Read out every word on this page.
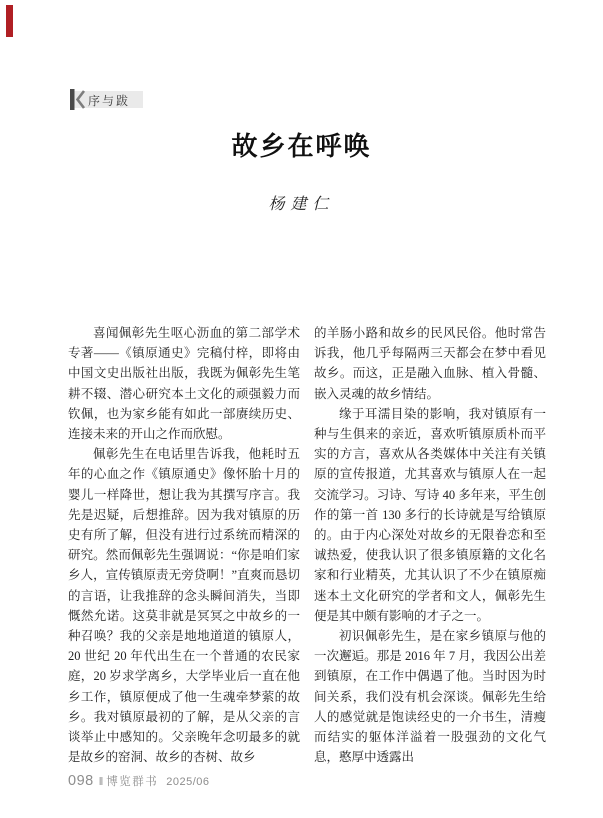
序与跋
故乡在呼唤
杨建仁

喜闻佩彰先生呕心沥血的第二部学术专著——《镇原通史》完稿付梓，即将由中国文史出版社出版，我既为佩彰先生笔耕不辍、潜心研究本土文化的顽强毅力而钦佩，也为家乡能有如此一部赓续历史、连接未来的开山之作而欣慰。

佩彰先生在电话里告诉我，他耗时五年的心血之作《镇原通史》像怀胎十月的婴儿一样降世，想让我为其撰写序言。我先是迟疑，后想推辞。因为我对镇原的历史有所了解，但没有进行过系统而精深的研究。然而佩彰先生强调说：“你是咱们家乡人，宣传镇原责无旁贷啊！”直爽而恳切的言语，让我推辞的念头瞬间消失，当即慨然允诺。这莫非就是冥冥之中故乡的一种召唤？我的父亲是地地道道的镇原人，20 世纪 20 年代出生在一个普通的农民家庭，20 岁求学离乡，大学毕业后一直在他乡工作，镇原便成了他一生魂牵梦萦的故乡。我对镇原最初的了解，是从父亲的言谈举止中感知的。父亲晚年念叨最多的就是故乡的窑洞、故乡的杏树、故乡

的羊肠小路和故乡的民风民俗。他时常告诉我，他几乎每隔两三天都会在梦中看见故乡。而这，正是融入血脉、植入骨髓、嵌入灵魂的故乡情结。

缘于耳濡目染的影响，我对镇原有一种与生俱来的亲近，喜欢听镇原质朴而平实的方言，喜欢从各类媒体中关注有关镇原的宣传报道，尤其喜欢与镇原人在一起交流学习。习诗、写诗 40 多年来，平生创作的第一首 130 多行的长诗就是写给镇原的。由于内心深处对故乡的无限眷恋和至诚热爱，使我认识了很多镇原籍的文化名家和行业精英，尤其认识了不少在镇原痴迷本土文化研究的学者和文人，佩彰先生便是其中颇有影响的才子之一。

初识佩彰先生，是在家乡镇原与他的一次邂逅。那是 2016 年 7 月，我因公出差到镇原，在工作中偶遇了他。当时因为时间关系，我们没有机会深谈。佩彰先生给人的感觉就是饱读经史的一介书生，清瘦而结实的躯体洋溢着一股强劲的文化气息，憨厚中透露出

098 ‖ 博览群书 2025/06
